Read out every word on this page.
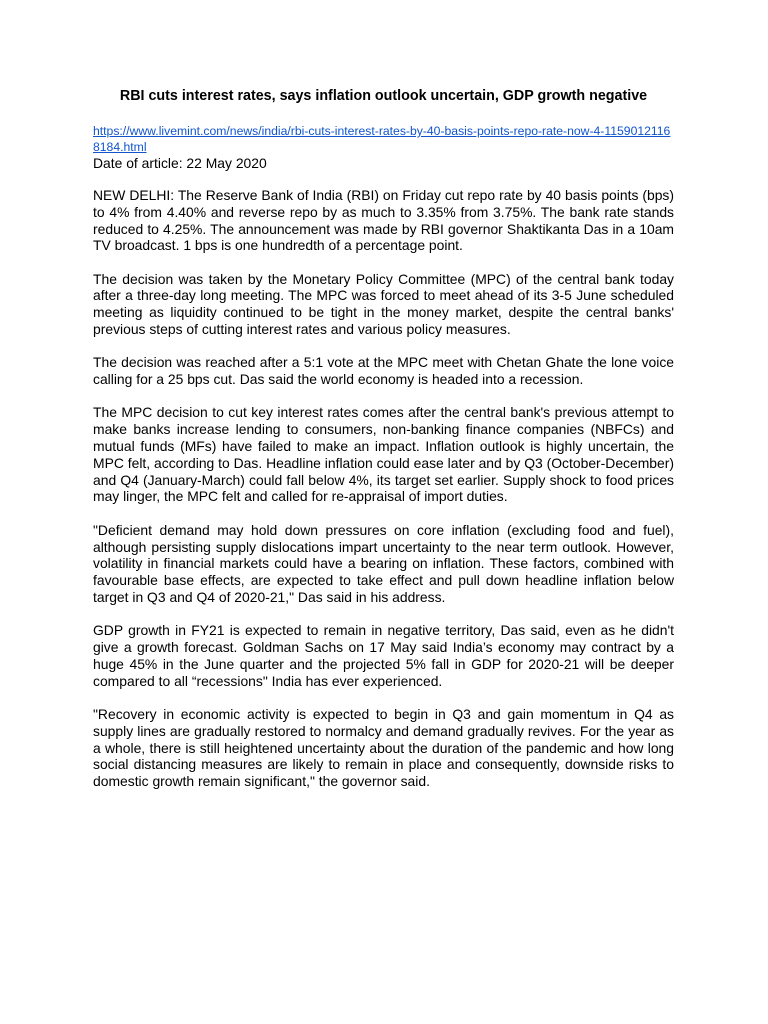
RBI cuts interest rates, says inflation outlook uncertain, GDP growth negative
https://www.livemint.com/news/india/rbi-cuts-interest-rates-by-40-basis-points-repo-rate-now-4-11590121168184.html

Date of article: 22 May 2020

NEW DELHI: The Reserve Bank of India (RBI) on Friday cut repo rate by 40 basis points (bps) to 4% from 4.40% and reverse repo by as much to 3.35% from 3.75%. The bank rate stands reduced to 4.25%. The announcement was made by RBI governor Shaktikanta Das in a 10am TV broadcast. 1 bps is one hundredth of a percentage point.

The decision was taken by the Monetary Policy Committee (MPC) of the central bank today after a three-day long meeting. The MPC was forced to meet ahead of its 3-5 June scheduled meeting as liquidity continued to be tight in the money market, despite the central banks' previous steps of cutting interest rates and various policy measures.

The decision was reached after a 5:1 vote at the MPC meet with Chetan Ghate the lone voice calling for a 25 bps cut. Das said the world economy is headed into a recession.

The MPC decision to cut key interest rates comes after the central bank's previous attempt to make banks increase lending to consumers, non-banking finance companies (NBFCs) and mutual funds (MFs) have failed to make an impact. Inflation outlook is highly uncertain, the MPC felt, according to Das. Headline inflation could ease later and by Q3 (October-December) and Q4 (January-March) could fall below 4%, its target set earlier. Supply shock to food prices may linger, the MPC felt and called for re-appraisal of import duties.

"Deficient demand may hold down pressures on core inflation (excluding food and fuel), although persisting supply dislocations impart uncertainty to the near term outlook. However, volatility in financial markets could have a bearing on inflation. These factors, combined with favourable base effects, are expected to take effect and pull down headline inflation below target in Q3 and Q4 of 2020-21," Das said in his address.

GDP growth in FY21 is expected to remain in negative territory, Das said, even as he didn't give a growth forecast. Goldman Sachs on 17 May said India’s economy may contract by a huge 45% in the June quarter and the projected 5% fall in GDP for 2020-21 will be deeper compared to all “recessions" India has ever experienced.

"Recovery in economic activity is expected to begin in Q3 and gain momentum in Q4 as supply lines are gradually restored to normalcy and demand gradually revives. For the year as a whole, there is still heightened uncertainty about the duration of the pandemic and how long social distancing measures are likely to remain in place and consequently, downside risks to domestic growth remain significant," the governor said.
